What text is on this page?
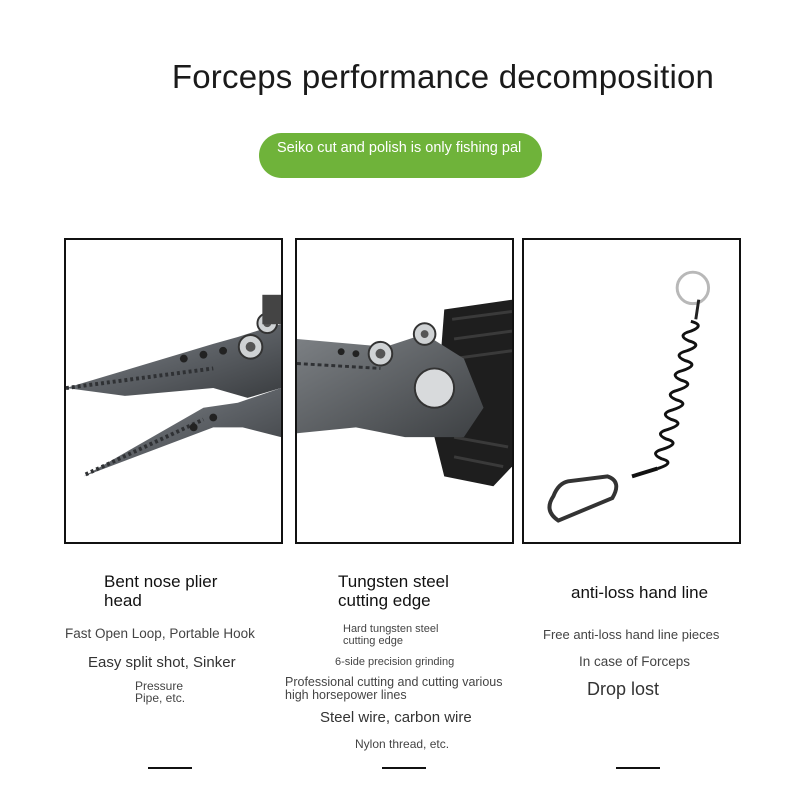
Forceps performance decomposition
Seiko cut and polish is only fishing pal
Bent nose plier head
Fast Open Loop, Portable Hook
Easy split shot, Sinker
Pressure Pipe, etc.
Tungsten steel cutting edge
Hard tungsten steel cutting edge
6-side precision grinding
Professional cutting and cutting various high horsepower lines
Steel wire, carbon wire
Nylon thread, etc.
anti-loss hand line
Free anti-loss hand line pieces
In case of Forceps
Drop lost
